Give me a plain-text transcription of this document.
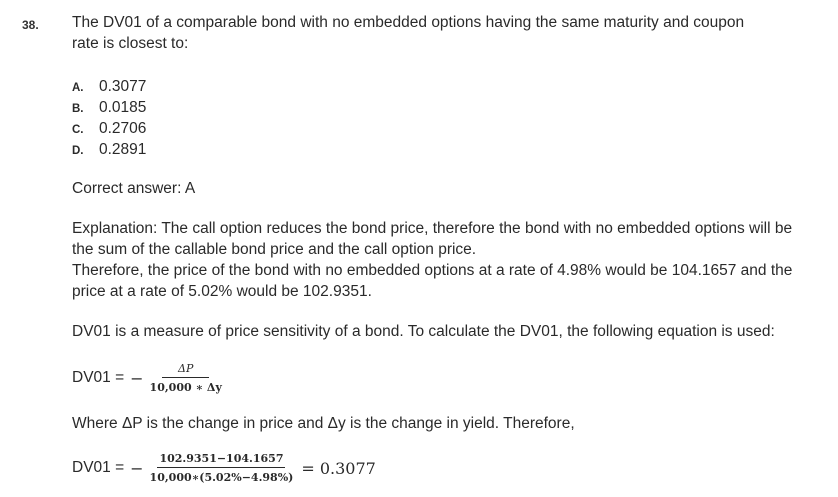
38. The DV01 of a comparable bond with no embedded options having the same maturity and coupon rate is closest to:
A.	0.3077
B.	0.0185
C.	0.2706
D.	0.2891
Correct answer: A
Explanation: The call option reduces the bond price, therefore the bond with no embedded options will be the sum of the callable bond price and the call option price.
Therefore, the price of the bond with no embedded options at a rate of 4.98% would be 104.1657 and the price at a rate of 5.02% would be 102.9351.
DV01 is a measure of price sensitivity of a bond. To calculate the DV01, the following equation is used:
DV01 = − $\frac{\Delta P}{10,000 ∗ \Delta y}$
Where ΔP is the change in price and Δy is the change in yield. Therefore,
DV01 = − $\frac{102.9351-104.1657}{10,000∗(5.02\%-4.98\%)} = 0.3077$
